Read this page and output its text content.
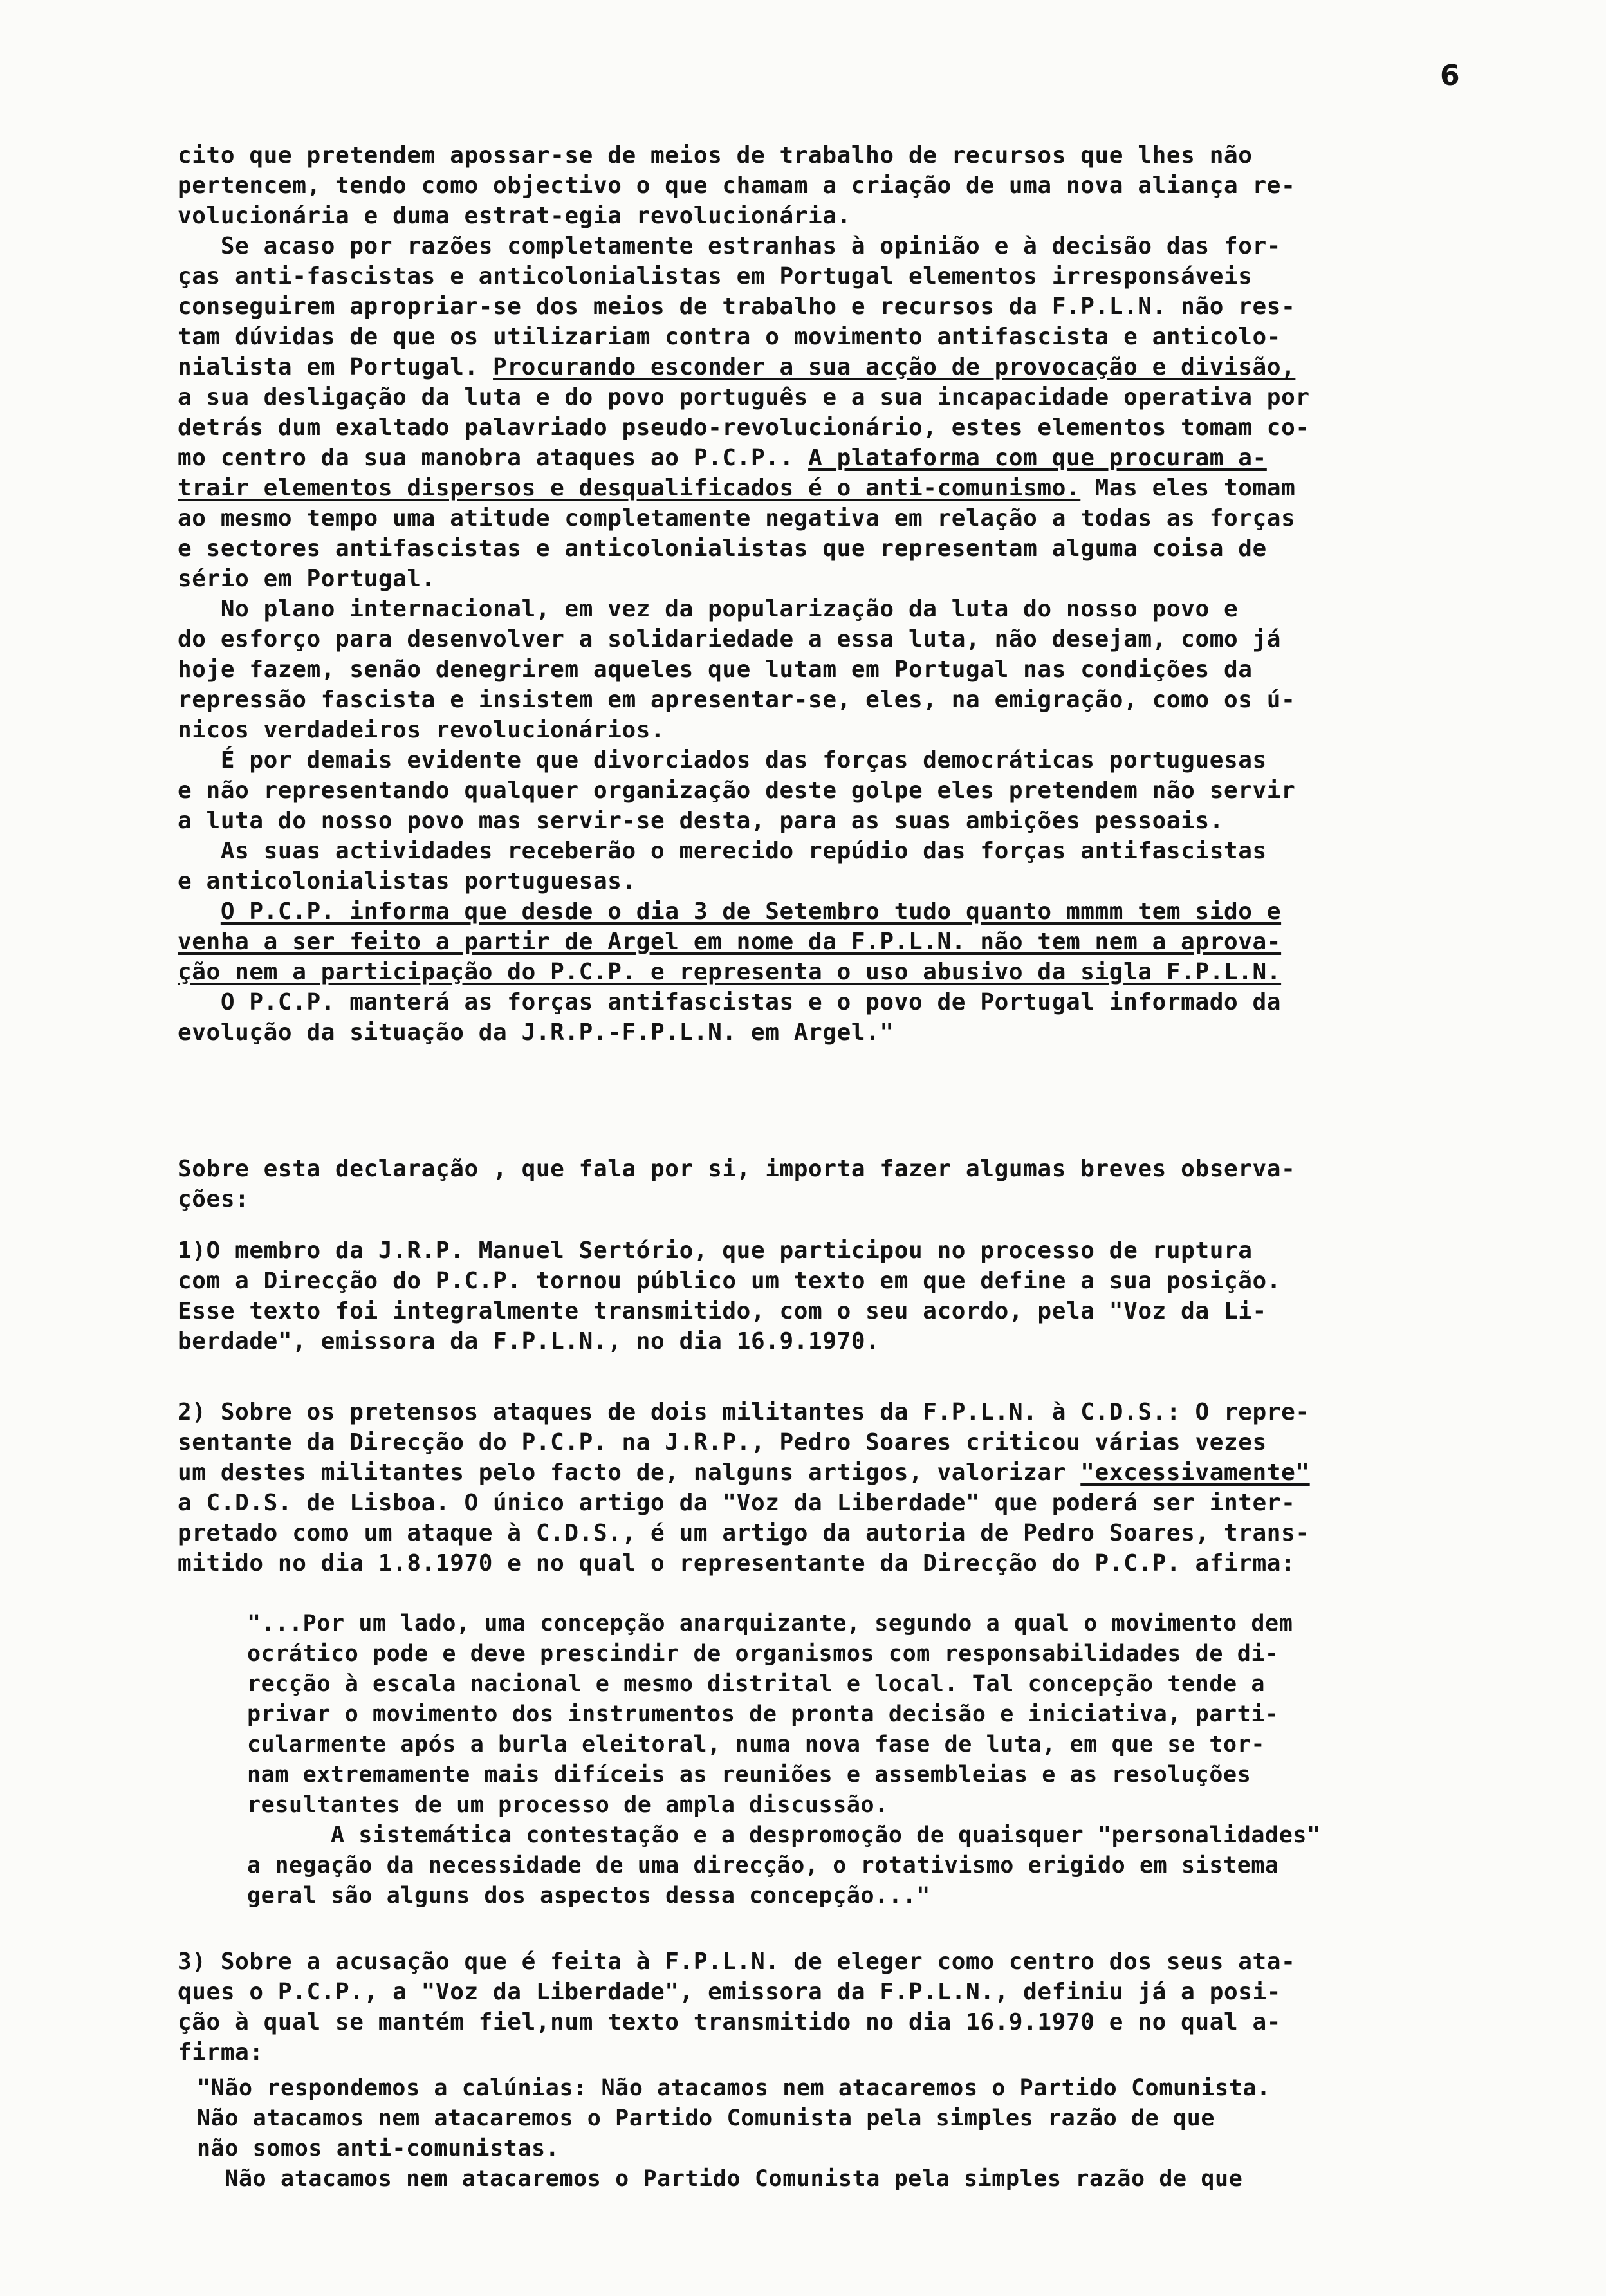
6
cito que pretendem apossar-se de meios de trabalho de recursos que lhes não
pertencem, tendo como objectivo o que chamam a criação de uma nova aliança re-
volucionária e duma estrat-egia revolucionária.
Se acaso por razões completamente estranhas à opinião e à decisão das for-
ças anti-fascistas e anticolonialistas em Portugal elementos irresponsáveis
conseguirem apropriar-se dos meios de trabalho e recursos da F.P.L.N. não res-
tam dúvidas de que os utilizariam contra o movimento antifascista e anticolo-
nialista em Portugal. Procurando esconder a sua acção de provocação e divisão,
a sua desligação da luta e do povo português e a sua incapacidade operativa por
detrás dum exaltado palavriado pseudo-revolucionário, estes elementos tomam co-
mo centro da sua manobra ataques ao P.C.P.. A plataforma com que procuram a-
trair elementos dispersos e desqualificados é o anti-comunismo. Mas eles tomam
ao mesmo tempo uma atitude completamente negativa em relação a todas as forças
e sectores antifascistas e anticolonialistas que representam alguma coisa de
sério em Portugal.
No plano internacional, em vez da popularização da luta do nosso povo e
do esforço para desenvolver a solidariedade a essa luta, não desejam, como já
hoje fazem, senão denegrirem aqueles que lutam em Portugal nas condições da
repressão fascista e insistem em apresentar-se, eles, na emigração, como os ú-
nicos verdadeiros revolucionários.
É por demais evidente que divorciados das forças democráticas portuguesas
e não representando qualquer organização deste golpe eles pretendem não servir
a luta do nosso povo mas servir-se desta, para as suas ambições pessoais.
As suas actividades receberão o merecido repúdio das forças antifascistas
e anticolonialistas portuguesas.
O P.C.P. informa que desde o dia 3 de Setembro tudo quanto mmmm tem sido e
venha a ser feito a partir de Argel em nome da F.P.L.N. não tem nem a aprova-
ção nem a participação do P.C.P. e representa o uso abusivo da sigla F.P.L.N.
O P.C.P. manterá as forças antifascistas e o povo de Portugal informado da
evolução da situação da J.R.P.-F.P.L.N. em Argel."
Sobre esta declaração , que fala por si, importa fazer algumas breves observa-
ções:
1)O membro da J.R.P. Manuel Sertório, que participou no processo de ruptura
com a Direcção do P.C.P. tornou público um texto em que define a sua posição.
Esse texto foi integralmente transmitido, com o seu acordo, pela "Voz da Li-
berdade", emissora da F.P.L.N., no dia 16.9.1970.
2) Sobre os pretensos ataques de dois militantes da F.P.L.N. à C.D.S.: O repre-
sentante da Direcção do P.C.P. na J.R.P., Pedro Soares criticou várias vezes
um destes militantes pelo facto de, nalguns artigos, valorizar "excessivamente"
a C.D.S. de Lisboa. O único artigo da "Voz da Liberdade" que poderá ser inter-
pretado como um ataque à C.D.S., é um artigo da autoria de Pedro Soares, trans-
mitido no dia 1.8.1970 e no qual o representante da Direcção do P.C.P. afirma:
"...Por um lado, uma concepção anarquizante, segundo a qual o movimento dem
ocrático pode e deve prescindir de organismos com responsabilidades de di-
recção à escala nacional e mesmo distrital e local. Tal concepção tende a
privar o movimento dos instrumentos de pronta decisão e iniciativa, parti-
cularmente após a burla eleitoral, numa nova fase de luta, em que se tor-
nam extremamente mais difíceis as reuniões e assembleias e as resoluções
resultantes de um processo de ampla discussão.
A sistemática contestação e a despromoção de quaisquer "personalidades"
a negação da necessidade de uma direcção, o rotativismo erigido em sistema
geral são alguns dos aspectos dessa concepção..."
3) Sobre a acusação que é feita à F.P.L.N. de eleger como centro dos seus ata-
ques o P.C.P., a "Voz da Liberdade", emissora da F.P.L.N., definiu já a posi-
ção à qual se mantém fiel,num texto transmitido no dia 16.9.1970 e no qual a-
firma:
"Não respondemos a calúnias: Não atacamos nem atacaremos o Partido Comunista.
Não atacamos nem atacaremos o Partido Comunista pela simples razão de que
não somos anti-comunistas.
Não atacamos nem atacaremos o Partido Comunista pela simples razão de que
